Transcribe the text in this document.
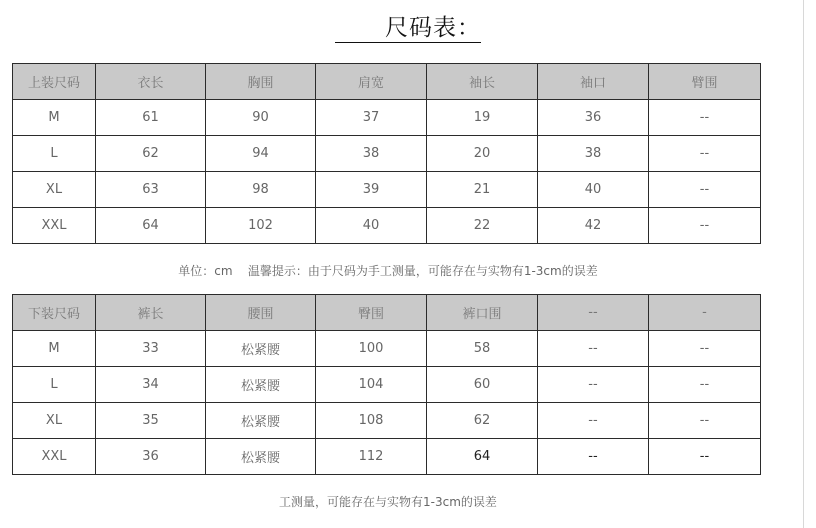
尺码表：
上装尺码	衣长	胸围	肩宽	袖长	袖口	臂围
M	61	90	37	19	36	--
L	62	94	38	20	38	--
XL	63	98	39	21	40	--
XXL	64	102	40	22	42	--
单位：cm    温馨提示：由于尺码为手工测量，可能存在与实物有1-3cm的误差
下装尺码	裤长	腰围	臀围	裤口围	--	-
M	33	松紧腰	100	58	--	--
L	34	松紧腰	104	60	--	--
XL	35	松紧腰	108	62	--	--
XXL	36	松紧腰	112	64	--	--
工测量，可能存在与实物有1-3cm的误差
